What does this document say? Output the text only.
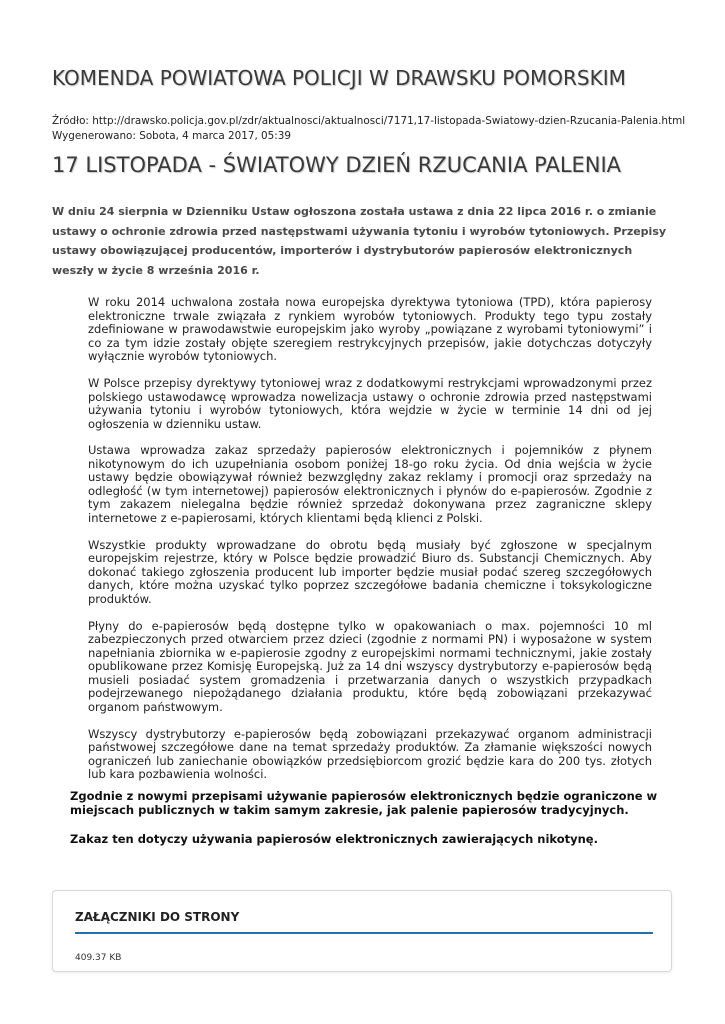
KOMENDA POWIATOWA POLICJI W DRAWSKU POMORSKIM
Źródło: http://drawsko.policja.gov.pl/zdr/aktualnosci/aktualnosci/7171,17-listopada-Swiatowy-dzien-Rzucania-Palenia.html
Wygenerowano: Sobota, 4 marca 2017, 05:39
17 LISTOPADA - ŚWIATOWY DZIEŃ RZUCANIA PALENIA
W dniu 24 sierpnia w Dzienniku Ustaw ogłoszona została ustawa z dnia 22 lipca 2016 r. o zmianie ustawy o ochronie zdrowia przed następstwami używania tytoniu i wyrobów tytoniowych. Przepisy ustawy obowiązującej producentów, importerów i dystrybutorów papierosów elektronicznych weszły w życie 8 września 2016 r.

W roku 2014 uchwalona została nowa europejska dyrektywa tytoniowa (TPD), która papierosy elektroniczne trwale związała z rynkiem wyrobów tytoniowych. Produkty tego typu zostały zdefiniowane w prawodawstwie europejskim jako wyroby „powiązane z wyrobami tytoniowymi” i co za tym idzie zostały objęte szeregiem restrykcyjnych przepisów, jakie dotychczas dotyczyły wyłącznie wyrobów tytoniowych.

W Polsce przepisy dyrektywy tytoniowej wraz z dodatkowymi restrykcjami wprowadzonymi przez polskiego ustawodawcę wprowadza nowelizacja ustawy o ochronie zdrowia przed następstwami używania tytoniu i wyrobów tytoniowych, która wejdzie w życie w terminie 14 dni od jej ogłoszenia w dzienniku ustaw.

Ustawa wprowadza zakaz sprzedaży papierosów elektronicznych i pojemników z płynem nikotynowym do ich uzupełniania osobom poniżej 18-go roku życia. Od dnia wejścia w życie ustawy będzie obowiązywał również bezwzględny zakaz reklamy i promocji oraz sprzedaży na odległość (w tym internetowej) papierosów elektronicznych i płynów do e-papierosów. Zgodnie z tym zakazem nielegalna będzie również sprzedaż dokonywana przez zagraniczne sklepy internetowe z e-papierosami, których klientami będą klienci z Polski.

Wszystkie produkty wprowadzane do obrotu będą musiały być zgłoszone w specjalnym europejskim rejestrze, który w Polsce będzie prowadzić Biuro ds. Substancji Chemicznych. Aby dokonać takiego zgłoszenia producent lub importer będzie musiał podać szereg szczegółowych danych, które można uzyskać tylko poprzez szczegółowe badania chemiczne i toksykologiczne produktów.

Płyny do e-papierosów będą dostępne tylko w opakowaniach o max. pojemności 10 ml zabezpieczonych przed otwarciem przez dzieci (zgodnie z normami PN) i wyposażone w system napełniania zbiornika w e-papierosie zgodny z europejskimi normami technicznymi, jakie zostały opublikowane przez Komisję Europejską. Już za 14 dni wszyscy dystrybutorzy e-papierosów będą musieli posiadać system gromadzenia i przetwarzania danych o wszystkich przypadkach podejrzewanego niepożądanego działania produktu, które będą zobowiązani przekazywać organom państwowym.

Wszyscy dystrybutorzy e-papierosów będą zobowiązani przekazywać organom administracji państwowej szczegółowe dane na temat sprzedaży produktów. Za złamanie większości nowych ograniczeń lub zaniechanie obowiązków przedsiębiorcom grozić będzie kara do 200 tys. złotych lub kara pozbawienia wolności.

Zgodnie z nowymi przepisami używanie papierosów elektronicznych będzie ograniczone w miejscach publicznych w takim samym zakresie, jak palenie papierosów tradycyjnych.
Zakaz ten dotyczy używania papierosów elektronicznych zawierających nikotynę.
ZAŁĄCZNIKI DO STRONY
409.37 KB
